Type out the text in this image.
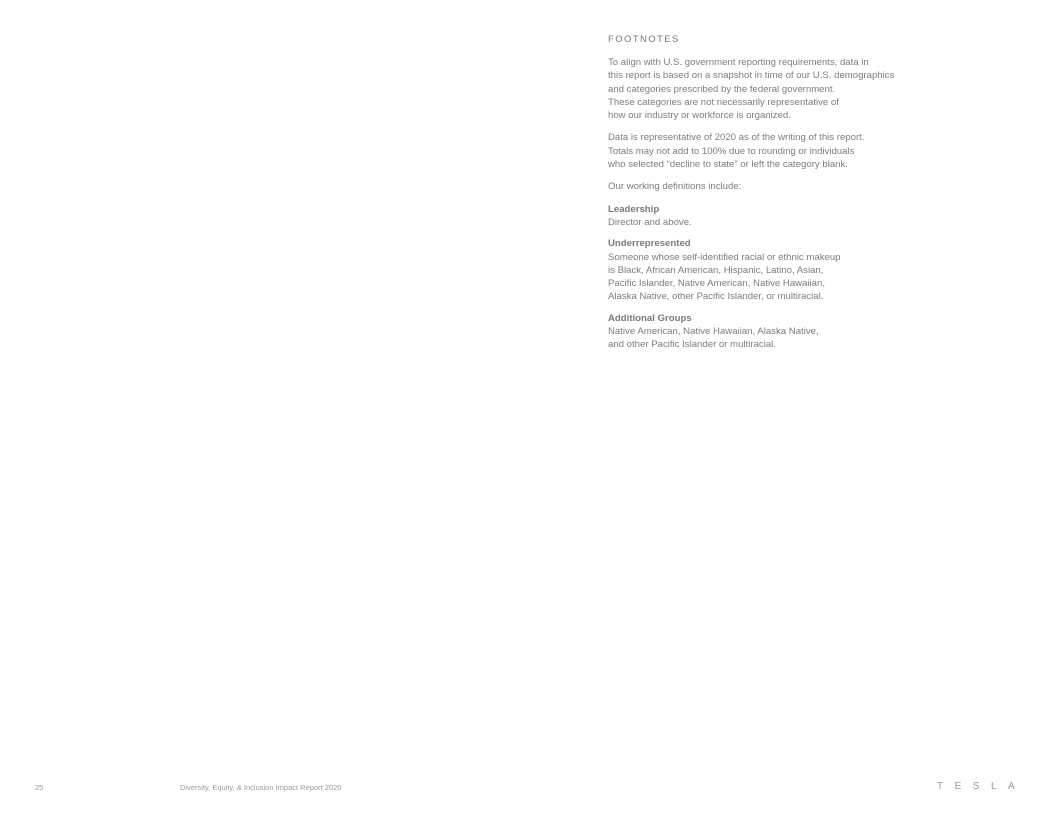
FOOTNOTES

To align with U.S. government reporting requirements, data in
this report is based on a snapshot in time of our U.S. demographics
and categories prescribed by the federal government.
These categories are not necessarily representative of
how our industry or workforce is organized.

Data is representative of 2020 as of the writing of this report.
Totals may not add to 100% due to rounding or individuals
who selected “decline to state” or left the category blank.

Our working definitions include:

Leadership
Director and above.
Underrepresented
Someone whose self-identified racial or ethnic makeup
is Black, African American, Hispanic, Latino, Asian,
Pacific Islander, Native American, Native Hawaiian,
Alaska Native, other Pacific Islander, or multiracial.
Additional Groups
Native American, Native Hawaiian, Alaska Native,
and other Pacific Islander or multiracial.
25	Diversity, Equity, & Inclusion Impact Report 2020	TESLA
